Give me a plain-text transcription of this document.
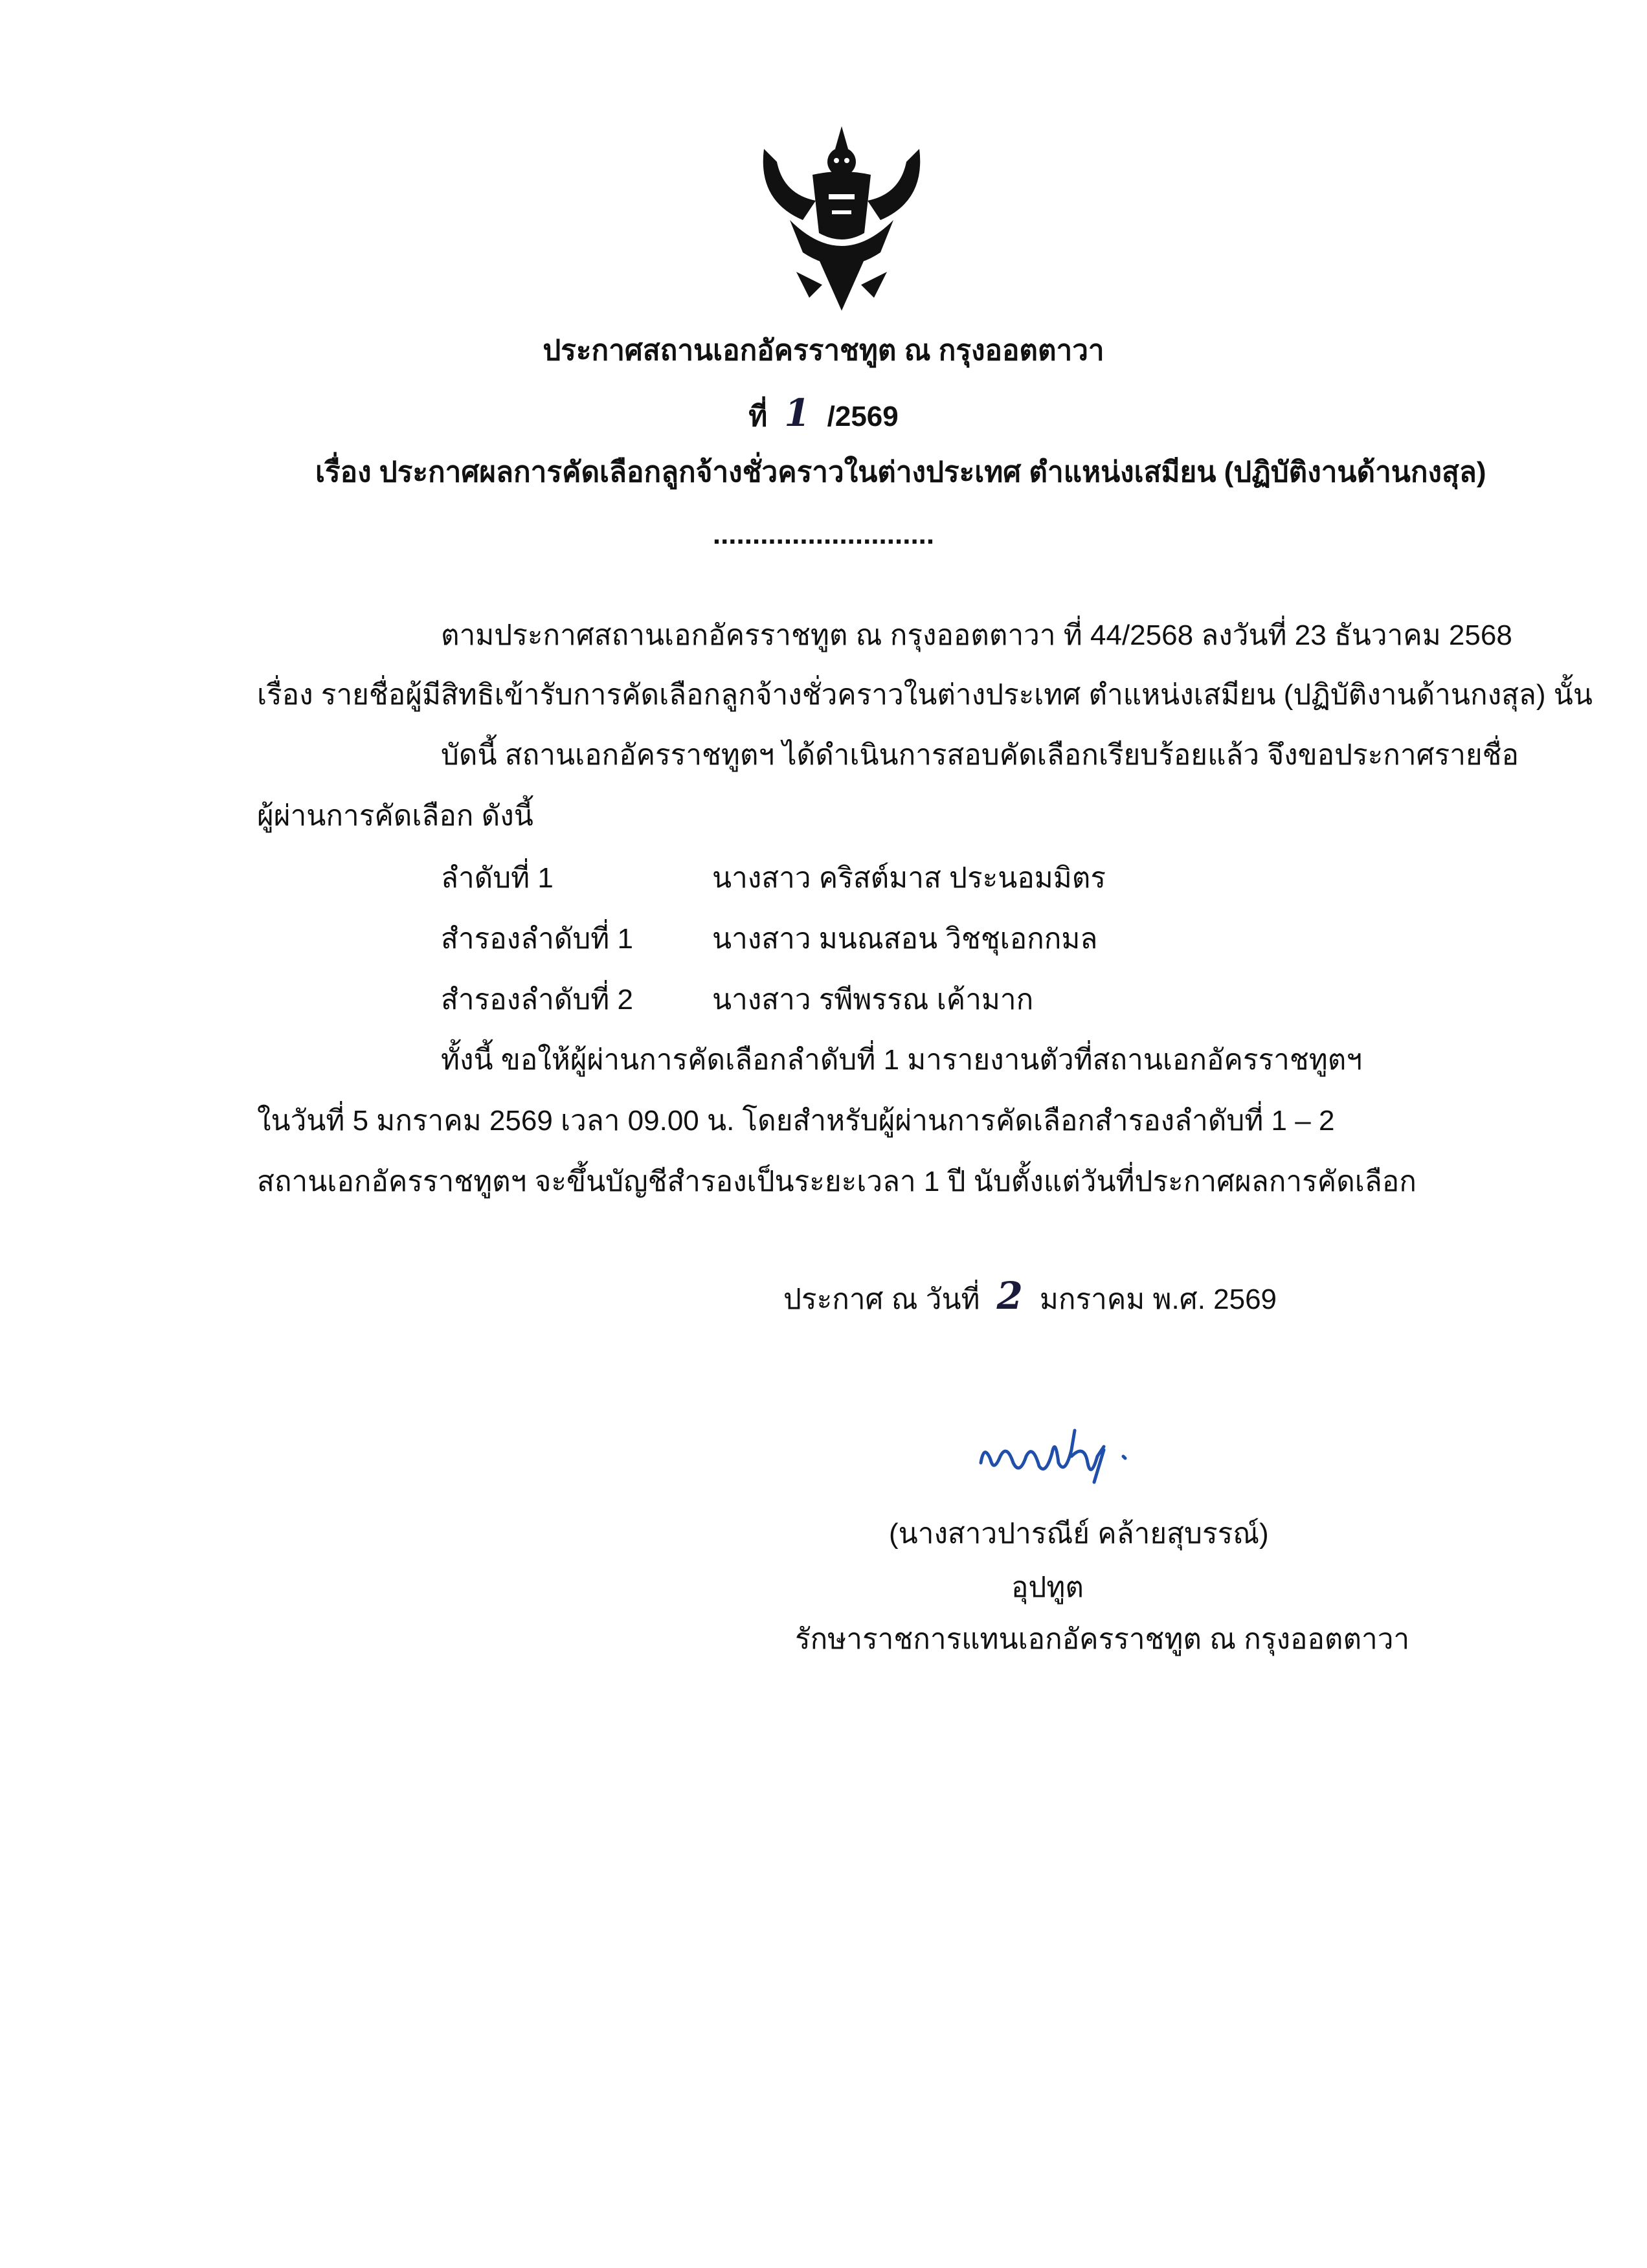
ประกาศสถานเอกอัครราชทูต ณ กรุงออตตาวา
ที่ 1 /2569
เรื่อง ประกาศผลการคัดเลือกลูกจ้างชั่วคราวในต่างประเทศ ตำแหน่งเสมียน (ปฏิบัติงานด้านกงสุล)
............................
ตามประกาศสถานเอกอัครราชทูต ณ กรุงออตตาวา ที่ 44/2568 ลงวันที่ 23 ธันวาคม 2568
เรื่อง รายชื่อผู้มีสิทธิเข้ารับการคัดเลือกลูกจ้างชั่วคราวในต่างประเทศ ตำแหน่งเสมียน (ปฏิบัติงานด้านกงสุล) นั้น
บัดนี้ สถานเอกอัครราชทูตฯ ได้ดำเนินการสอบคัดเลือกเรียบร้อยแล้ว จึงขอประกาศรายชื่อ
ผู้ผ่านการคัดเลือก ดังนี้
ลำดับที่ 1	นางสาว คริสต์มาส ประนอมมิตร
สำรองลำดับที่ 1	นางสาว มนณสอน วิชชุเอกกมล
สำรองลำดับที่ 2	นางสาว รพีพรรณ เค้ามาก
ทั้งนี้ ขอให้ผู้ผ่านการคัดเลือกลำดับที่ 1 มารายงานตัวที่สถานเอกอัครราชทูตฯ
ในวันที่ 5 มกราคม 2569 เวลา 09.00 น. โดยสำหรับผู้ผ่านการคัดเลือกสำรองลำดับที่ 1 – 2
สถานเอกอัครราชทูตฯ จะขึ้นบัญชีสำรองเป็นระยะเวลา 1 ปี นับตั้งแต่วันที่ประกาศผลการคัดเลือก
ประกาศ ณ วันที่ 2 มกราคม พ.ศ. 2569
(นางสาวปารณีย์ คล้ายสุบรรณ์)
อุปทูต
รักษาราชการแทนเอกอัครราชทูต ณ กรุงออตตาวา
